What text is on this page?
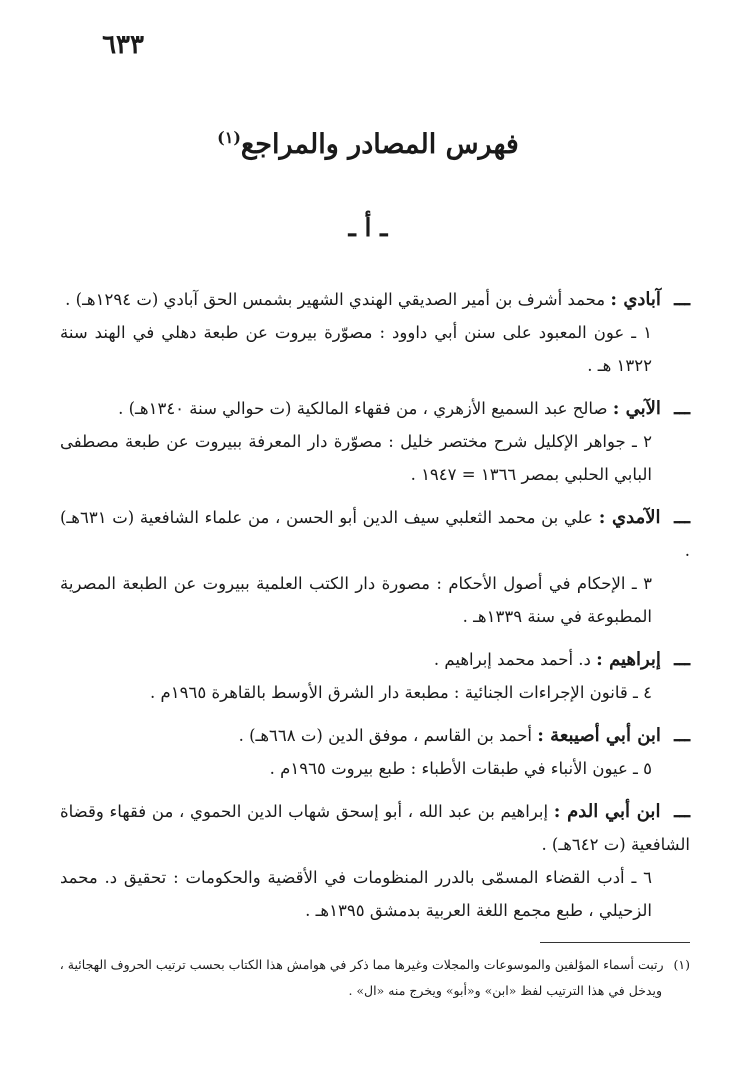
٦٣٣
فهرس المصادر والمراجع$^{(١)}$
ـ أ ـ
ـــ آبادي : محمد أشرف بن أمير الصديقي الهندي الشهير بشمس الحق آبادي (ت ١٢٩٤هـ) .
١ ـ عون المعبود على سنن أبي داوود : مصوّرة بيروت عن طبعة دهلي في الهند سنة ١٣٢٢ هـ .
ـــ الآبي : صالح عبد السميع الأزهري ، من فقهاء المالكية (ت حوالي سنة ١٣٤٠هـ) .
٢ ـ جواهر الإكليل شرح مختصر خليل : مصوّرة دار المعرفة ببيروت عن طبعة مصطفى البابي الحلبي بمصر ١٣٦٦ = ١٩٤٧ .
ـــ الآمدي : علي بن محمد الثعلبي سيف الدين أبو الحسن ، من علماء الشافعية (ت ٦٣١هـ) .
٣ ـ الإحكام في أصول الأحكام : مصورة دار الكتب العلمية ببيروت عن الطبعة المصرية المطبوعة في سنة ١٣٣٩هـ .
ـــ إبراهيم : د. أحمد محمد إبراهيم .
٤ ـ قانون الإجراءات الجنائية : مطبعة دار الشرق الأوسط بالقاهرة ١٩٦٥م .
ـــ ابن أبي أصيبعة : أحمد بن القاسم ، موفق الدين (ت ٦٦٨هـ) .
٥ ـ عيون الأنباء في طبقات الأطباء : طبع بيروت ١٩٦٥م .
ـــ ابن أبي الدم : إبراهيم بن عبد الله ، أبو إسحق شهاب الدين الحموي ، من فقهاء وقضاة الشافعية (ت ٦٤٢هـ) .
٦ ـ أدب القضاء المسمّى بالدرر المنظومات في الأقضية والحكومات : تحقيق د. محمد الزحيلي ، طبع مجمع اللغة العربية بدمشق ١٣٩٥هـ .
(١) رتبت أسماء المؤلفين والموسوعات والمجلات وغيرها مما ذكر في هوامش هذا الكتاب بحسب ترتيب الحروف الهجائية ،
ويدخل في هذا الترتيب لفظ «ابن» و«أبو» ويخرج منه «ال» .
